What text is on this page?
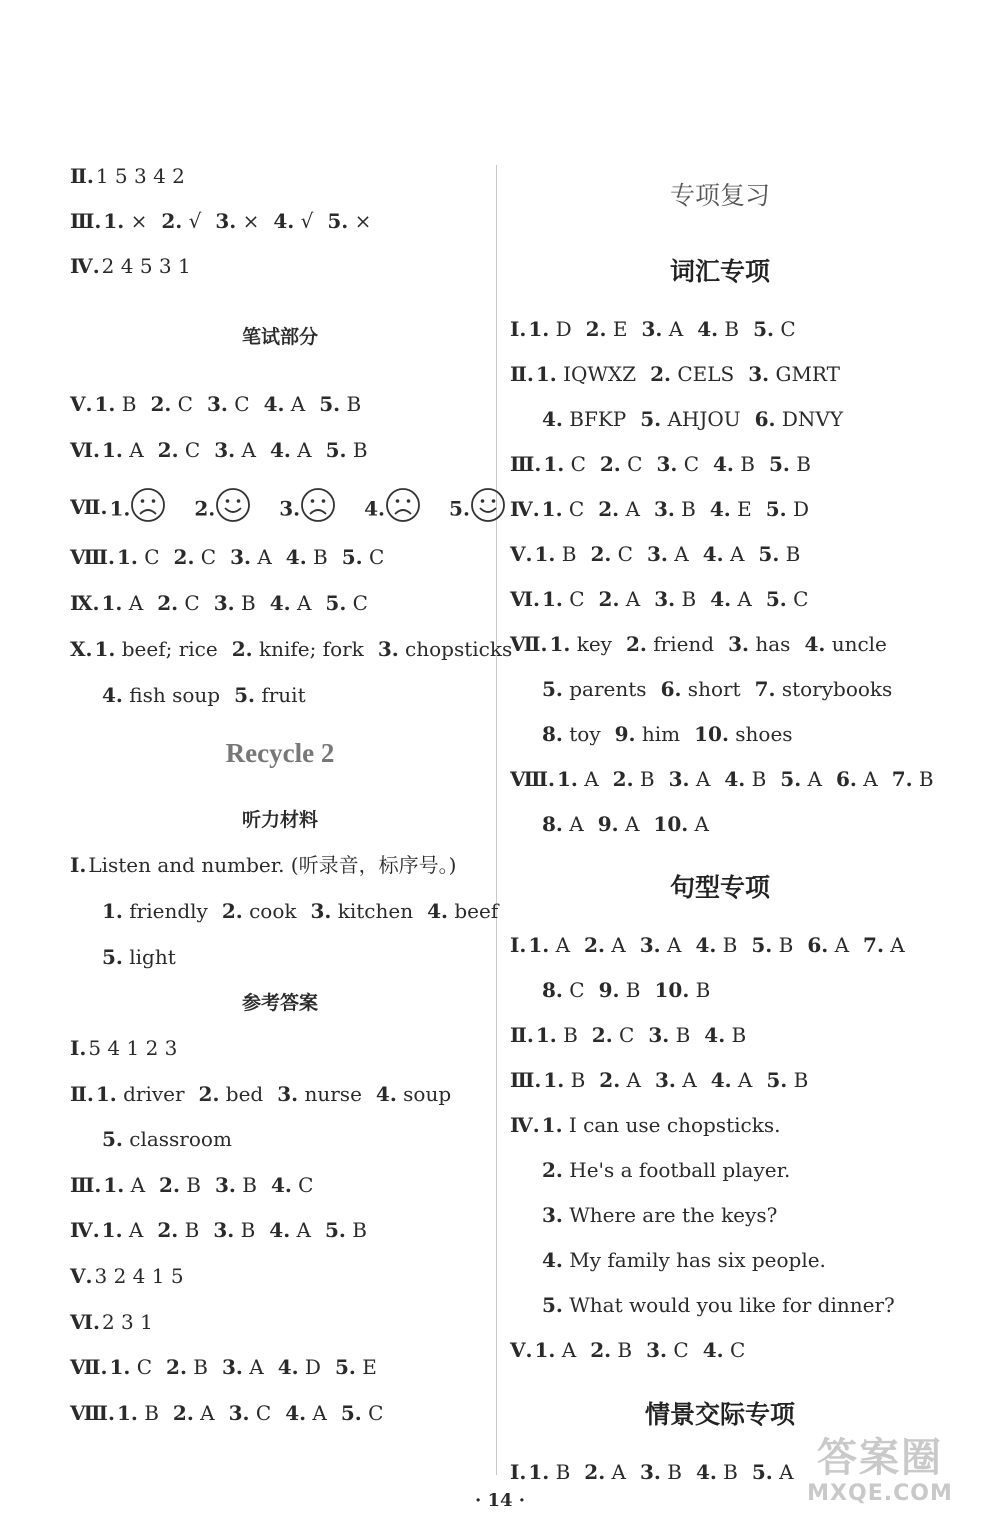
Ⅱ. 1 5 3 4 2
Ⅲ. 1. × 2. √ 3. × 4. √ 5. ×
Ⅳ. 2 4 5 3 1
笔试部分
Ⅴ. 1. B 2. C 3. C 4. A 5. B
Ⅵ. 1. A 2. C 3. A 4. A 5. B
Ⅶ. 1.	2.	3.	4.	5.
Ⅷ. 1. C 2. C 3. A 4. B 5. C
Ⅸ. 1. A 2. C 3. B 4. A 5. C
Ⅹ. 1. beef; rice 2. knife; fork 3. chopsticks
4. fish soup 5. fruit
Recycle 2
听力材料
Ⅰ. Listen and number. (听录音，标序号。)
1. friendly 2. cook 3. kitchen 4. beef
5. light
参考答案
Ⅰ. 5 4 1 2 3
Ⅱ. 1. driver 2. bed 3. nurse 4. soup
5. classroom
Ⅲ. 1. A 2. B 3. B 4. C
Ⅳ. 1. A 2. B 3. B 4. A 5. B
Ⅴ. 3 2 4 1 5
Ⅵ. 2 3 1
Ⅶ. 1. C 2. B 3. A 4. D 5. E
Ⅷ. 1. B 2. A 3. C 4. A 5. C
专项复习
词汇专项
Ⅰ. 1. D 2. E 3. A 4. B 5. C
Ⅱ. 1. IQWXZ 2. CELS 3. GMRT
4. BFKP 5. AHJOU 6. DNVY
Ⅲ. 1. C 2. C 3. C 4. B 5. B
Ⅳ. 1. C 2. A 3. B 4. E 5. D
Ⅴ. 1. B 2. C 3. A 4. A 5. B
Ⅵ. 1. C 2. A 3. B 4. A 5. C
Ⅶ. 1. key 2. friend 3. has 4. uncle
5. parents 6. short 7. storybooks
8. toy 9. him 10. shoes
Ⅷ. 1. A 2. B 3. A 4. B 5. A 6. A 7. B
8. A 9. A 10. A
句型专项
Ⅰ. 1. A 2. A 3. A 4. B 5. B 6. A 7. A
8. C 9. B 10. B
Ⅱ. 1. B 2. C 3. B 4. B
Ⅲ. 1. B 2. A 3. A 4. A 5. B
Ⅳ. 1. I can use chopsticks.
2. He's a football player.
3. Where are the keys?
4. My family has six people.
5. What would you like for dinner?
Ⅴ. 1. A 2. B 3. C 4. C
情景交际专项
Ⅰ. 1. B 2. A 3. B 4. B 5. A
· 14 ·
答案圈
MXQE.COM
